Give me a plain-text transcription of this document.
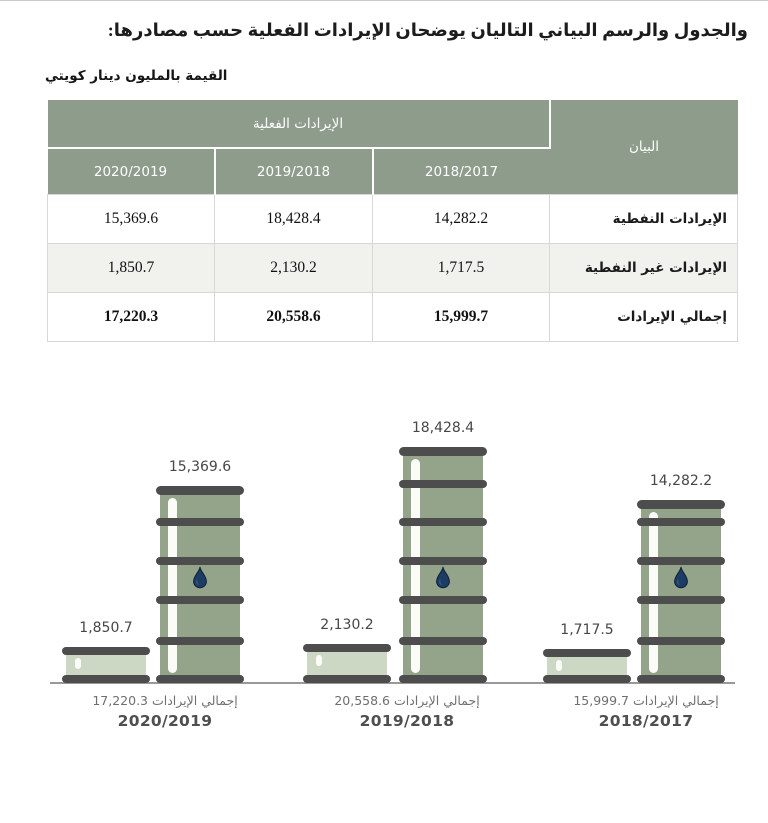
والجدول والرسم البياني التاليان يوضحان الإيرادات الفعلية حسب مصادرها:
القيمة بالمليون دينار كويتي
الإيرادات الفعلية			البيان
2020/2019	2019/2018	2018/2017	
15,369.6	18,428.4	14,282.2	الإيرادات النفطية
1,850.7	2,130.2	1,717.5	الإيرادات غير النفطية
17,220.3	20,558.6	15,999.7	إجمالي الإيرادات
15,369.6
1,850.7
إجمالي الإيرادات 17,220.3
2020/2019
18,428.4
2,130.2
إجمالي الإيرادات 20,558.6
2019/2018
14,282.2
1,717.5
إجمالي الإيرادات 15,999.7
2018/2017
